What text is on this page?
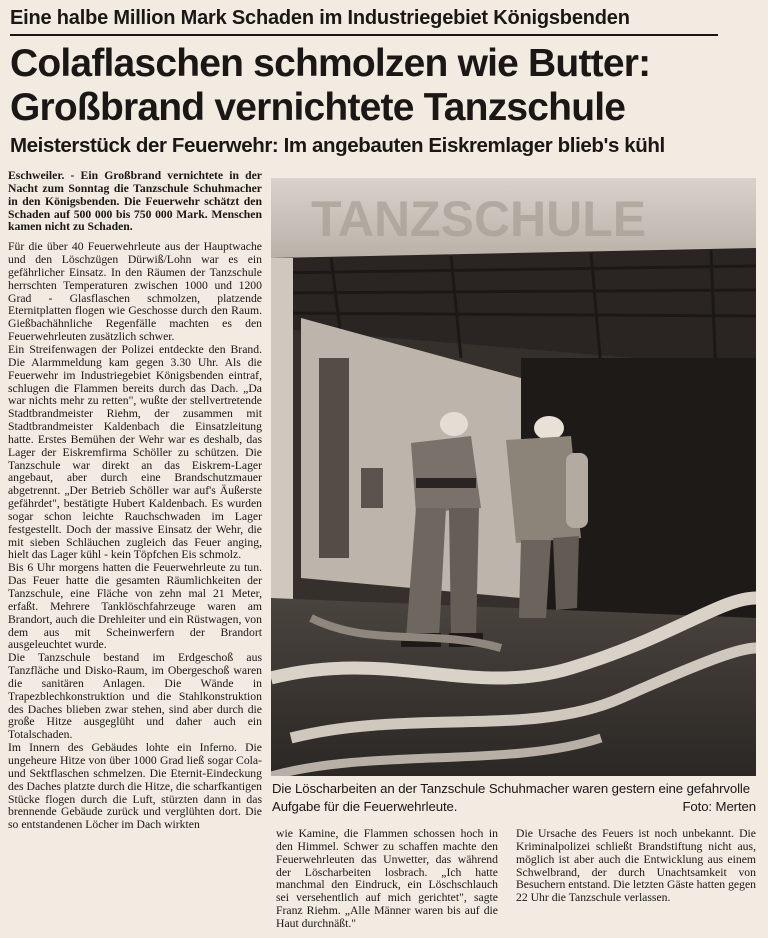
Eine halbe Million Mark Schaden im Industriegebiet Königsbenden
Colaflaschen schmolzen wie Butter:
Großbrand vernichtete Tanzschule
Meisterstück der Feuerwehr: Im angebauten Eiskremlager blieb's kühl

Eschweiler. - Ein Großbrand vernichtete in der Nacht zum Sonntag die Tanzschule Schuhmacher in den Königsbenden. Die Feuerwehr schätzt den Schaden auf 500 000 bis 750 000 Mark. Menschen kamen nicht zu Schaden.

Für die über 40 Feuerwehrleute aus der Hauptwache und den Löschzügen Dürwiß/Lohn war es ein gefährlicher Einsatz. In den Räumen der Tanzschule herrschten Temperaturen zwischen 1000 und 1200 Grad - Glasflaschen schmolzen, platzende Eternitplatten flogen wie Geschosse durch den Raum. Gießbachähnliche Regenfälle machten es den Feuerwehrleuten zusätzlich schwer.

Ein Streifenwagen der Polizei entdeckte den Brand. Die Alarmmeldung kam gegen 3.30 Uhr. Als die Feuerwehr im Industriegebiet Königsbenden eintraf, schlugen die Flammen bereits durch das Dach. „Da war nichts mehr zu retten", wußte der stellvertretende Stadtbrandmeister Riehm, der zusammen mit Stadtbrandmeister Kaldenbach die Einsatzleitung hatte. Erstes Bemühen der Wehr war es deshalb, das Lager der Eiskremfirma Schöller zu schützen. Die Tanzschule war direkt an das Eiskrem-Lager angebaut, aber durch eine Brandschutzmauer abgetrennt. „Der Betrieb Schöller war auf's Äußerste gefährdet", bestätigte Hubert Kaldenbach. Es wurden sogar schon leichte Rauchschwaden im Lager festgestellt. Doch der massive Einsatz der Wehr, die mit sieben Schläuchen zugleich das Feuer anging, hielt das Lager kühl - kein Töpfchen Eis schmolz.

Bis 6 Uhr morgens hatten die Feuerwehrleute zu tun. Das Feuer hatte die gesamten Räumlichkeiten der Tanzschule, eine Fläche von zehn mal 21 Meter, erfaßt. Mehrere Tanklöschfahrzeuge waren am Brandort, auch die Drehleiter und ein Rüstwagen, von dem aus mit Scheinwerfern der Brandort ausgeleuchtet wurde.

Die Tanzschule bestand im Erdgeschoß aus Tanzfläche und Disko-Raum, im Obergeschoß waren die sanitären Anlagen. Die Wände in Trapezblechkonstruktion und die Stahlkonstruktion des Daches blieben zwar stehen, sind aber durch die große Hitze ausgeglüht und daher auch ein Totalschaden.

Im Innern des Gebäudes lohte ein Inferno. Die ungeheure Hitze von über 1000 Grad ließ sogar Cola- und Sektflaschen schmelzen. Die Eternit-Eindeckung des Daches platzte durch die Hitze, die scharfkantigen Stücke flogen durch die Luft, stürzten dann in das brennende Gebäude zurück und verglühten dort. Die so entstandenen Löcher im Dach wirkten

TANZSCHULE
Die Löscharbeiten an der Tanzschule Schuhmacher waren gestern eine gefahrvolle Aufgabe für die Feuerwehrleute.	Foto: Merten

wie Kamine, die Flammen schossen hoch in den Himmel. Schwer zu schaffen machte den Feuerwehrleuten das Unwetter, das während der Löscharbeiten losbrach. „Ich hatte manchmal den Eindruck, ein Löschschlauch sei versehentlich auf mich gerichtet", sagte Franz Riehm. „Alle Männer waren bis auf die Haut durchnäßt."

Die Ursache des Feuers ist noch unbekannt. Die Kriminalpolizei schließt Brandstiftung nicht aus, möglich ist aber auch die Entwicklung aus einem Schwelbrand, der durch Unachtsamkeit von Besuchern entstand. Die letzten Gäste hatten gegen 22 Uhr die Tanzschule verlassen.
